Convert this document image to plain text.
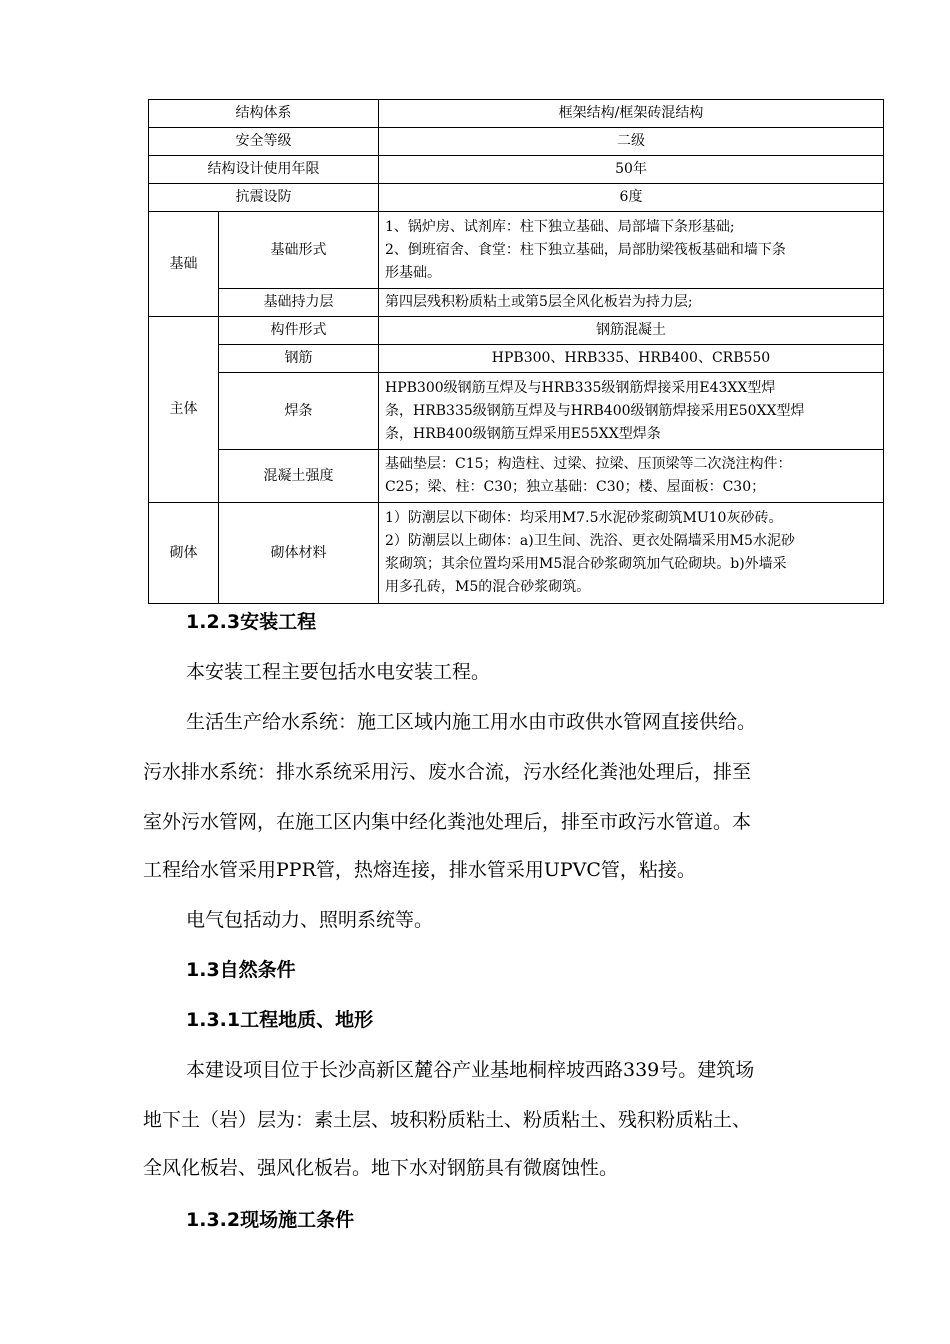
结构体系		框架结构/框架砖混结构
安全等级		二级
结构设计使用年限		50年
抗震设防		6度
基础	基础形式	1、锅炉房、试剂库：柱下独立基础、局部墙下条形基础;
2、倒班宿舍、食堂：柱下独立基础，局部肋梁筏板基础和墙下条
形基础。

	基础持力层	第四层残积粉质粘土或第5层全风化板岩为持力层;
主体	构件形式	钢筋混凝土
	钢筋	HPB300、HRB335、HRB400、CRB550
	焊条	HPB300级钢筋互焊及与HRB335级钢筋焊接采用E43XX型焊
条，HRB335级钢筋互焊及与HRB400级钢筋焊接采用E50XX型焊
条，HRB400级钢筋互焊采用E55XX型焊条

	混凝土强度	基础垫层：C15；构造柱、过梁、拉梁、压顶梁等二次浇注构件：
C25；梁、柱：C30；独立基础：C30；楼、屋面板：C30；

砌体	砌体材料	1）防潮层以下砌体：均采用M7.5水泥砂浆砌筑MU10灰砂砖。
2）防潮层以上砌体：a)卫生间、洗浴、更衣处隔墙采用M5水泥砂
浆砌筑；其余位置均采用M5混合砂浆砌筑加气砼砌块。b)外墙采
用多孔砖，M5的混合砂浆砌筑。
1.2.3安装工程
本安装工程主要包括水电安装工程。
生活生产给水系统：施工区域内施工用水由市政供水管网直接供给。
污水排水系统：排水系统采用污、废水合流，污水经化粪池处理后，排至
室外污水管网，在施工区内集中经化粪池处理后，排至市政污水管道。本
工程给水管采用PPR管，热熔连接，排水管采用UPVC管，粘接。
电气包括动力、照明系统等。
1.3自然条件
1.3.1工程地质、地形
本建设项目位于长沙高新区麓谷产业基地桐梓坡西路339号。建筑场
地下土（岩）层为：素土层、坡积粉质粘土、粉质粘土、残积粉质粘土、
全风化板岩、强风化板岩。地下水对钢筋具有微腐蚀性。
1.3.2现场施工条件
